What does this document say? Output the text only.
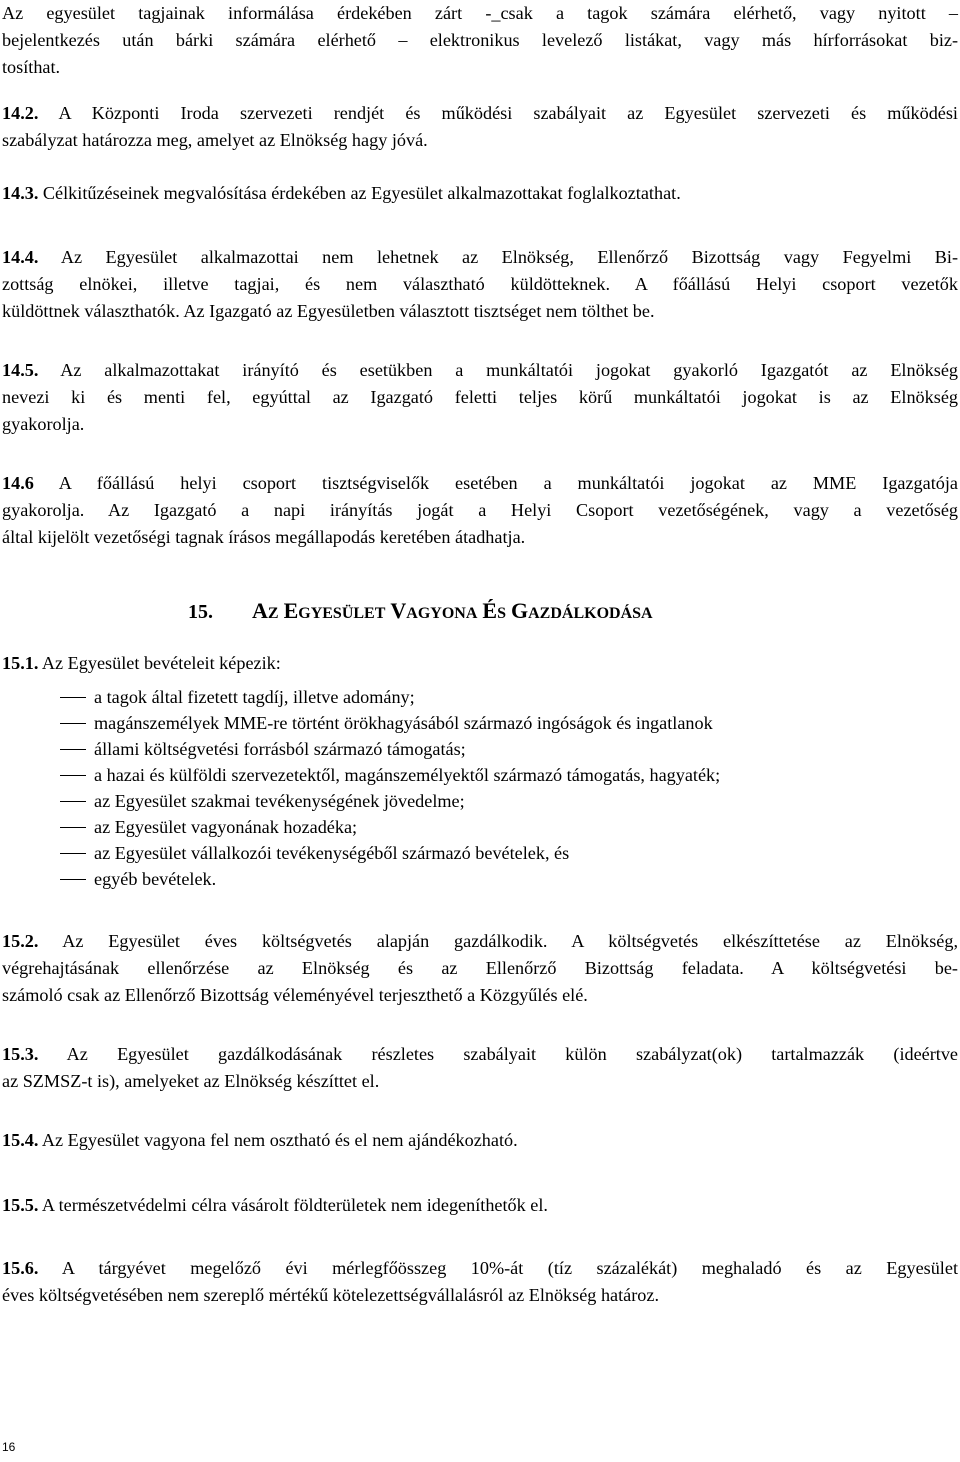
Az egyesület tagjainak informálása érdekében zárt -_csak a tagok számára elérhető, vagy nyitott –
bejelentkezés után bárki számára elérhető – elektronikus levelező listákat, vagy más hírforrásokat biz-
tosíthat.
14.2. A Központi Iroda szervezeti rendjét és működési szabályait az Egyesület szervezeti és működési
szabályzat határozza meg, amelyet az Elnökség hagy jóvá.
14.3. Célkitűzéseinek megvalósítása érdekében az Egyesület alkalmazottakat foglalkoztathat.
14.4. Az Egyesület alkalmazottai nem lehetnek az Elnökség, Ellenőrző Bizottság vagy Fegyelmi Bi-
zottság elnökei, illetve tagjai, és nem választható küldötteknek. A főállású Helyi csoport vezetők
küldöttnek választhatók. Az Igazgató az Egyesületben választott tisztséget nem tölthet be.
14.5. Az alkalmazottakat irányító és esetükben a munkáltatói jogokat gyakorló Igazgatót az Elnökség
nevezi ki és menti fel, egyúttal az Igazgató feletti teljes körű munkáltatói jogokat is az Elnökség
gyakorolja.
14.6 A főállású helyi csoport tisztségviselők esetében a munkáltatói jogokat az MME Igazgatója
gyakorolja. Az Igazgató a napi irányítás jogát a Helyi Csoport vezetőségének, vagy a vezetőség
által kijelölt vezetőségi tagnak írásos megállapodás keretében átadhatja.
15. AZ EGYESÜLET VAGYONA ÉS GAZDÁLKODÁSA
15.1. Az Egyesület bevételeit képezik:
a tagok által fizetett tagdíj, illetve adomány;
magánszemélyek MME-re történt örökhagyásából származó ingóságok és ingatlanok
állami költségvetési forrásból származó támogatás;
a hazai és külföldi szervezetektől, magánszemélyektől származó támogatás, hagyaték;
az Egyesület szakmai tevékenységének jövedelme;
az Egyesület vagyonának hozadéka;
az Egyesület vállalkozói tevékenységéből származó bevételek, és
egyéb bevételek.
15.2. Az Egyesület éves költségvetés alapján gazdálkodik. A költségvetés elkészíttetése az Elnökség,
végrehajtásának ellenőrzése az Elnökség és az Ellenőrző Bizottság feladata. A költségvetési be-
számoló csak az Ellenőrző Bizottság véleményével terjeszthető a Közgyűlés elé.
15.3. Az Egyesület gazdálkodásának részletes szabályait külön szabályzat(ok) tartalmazzák (ideértve
az SZMSZ-t is), amelyeket az Elnökség készíttet el.
15.4. Az Egyesület vagyona fel nem osztható és el nem ajándékozható.
15.5. A természetvédelmi célra vásárolt földterületek nem idegeníthetők el.
15.6. A tárgyévet megelőző évi mérlegfőösszeg 10%-át (tíz százalékát) meghaladó és az Egyesület
éves költségvetésében nem szereplő mértékű kötelezettségvállalásról az Elnökség határoz.
16
